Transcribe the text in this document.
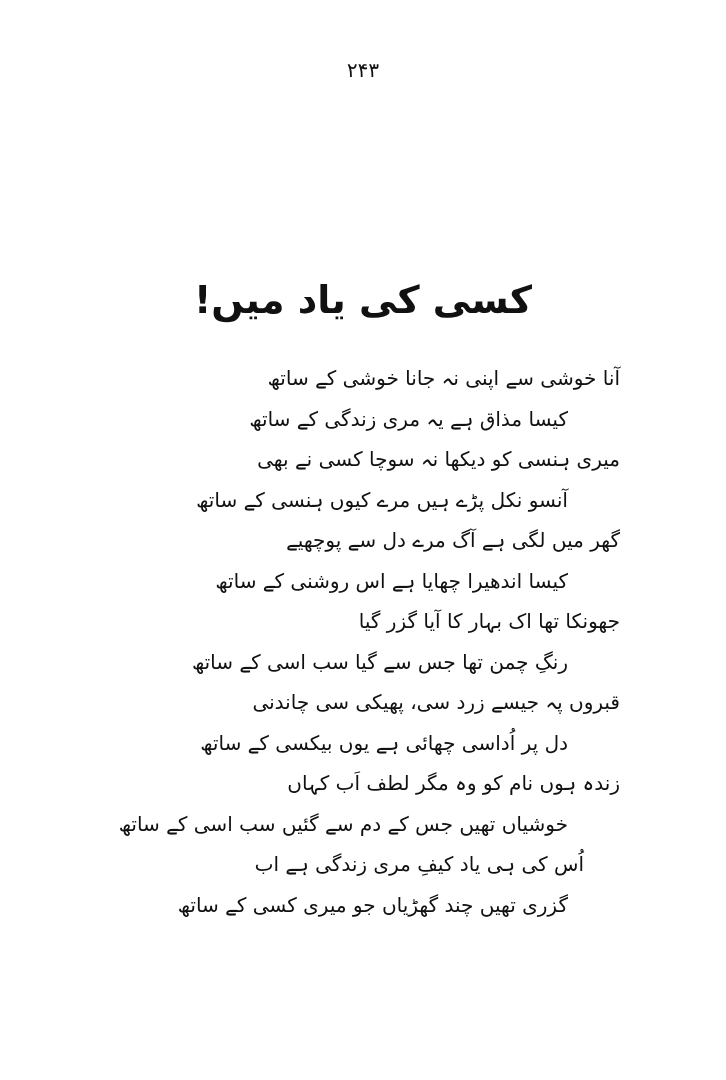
۲۴۳
کسی کی یاد میں!
آنا خوشی سے اپنی نہ جانا خوشی کے ساتھ
کیسا مذاق ہے یہ مری زندگی کے ساتھ
میری ہنسی کو دیکھا نہ سوچا کسی نے بھی
آنسو نکل پڑے ہیں مرے کیوں ہنسی کے ساتھ
گھر میں لگی ہے آگ مرے دل سے پوچھیے
کیسا اندھیرا چھایا ہے اس روشنی کے ساتھ
جھونکا تھا اک بہار کا آیا گزر گیا
رنگِ چمن تھا جس سے گیا سب اسی کے ساتھ
قبروں پہ جیسے زرد سی، پھیکی سی چاندنی
دل پر اُداسی چھائی ہے یوں بیکسی کے ساتھ
زندہ ہوں نام کو وہ مگر لطف اَب کہاں
خوشیاں تھیں جس کے دم سے گئیں سب اسی کے ساتھ
اُس کی ہی یاد کیفِ مری زندگی ہے اب
گزری تھیں چند گھڑیاں جو میری کسی کے ساتھ
